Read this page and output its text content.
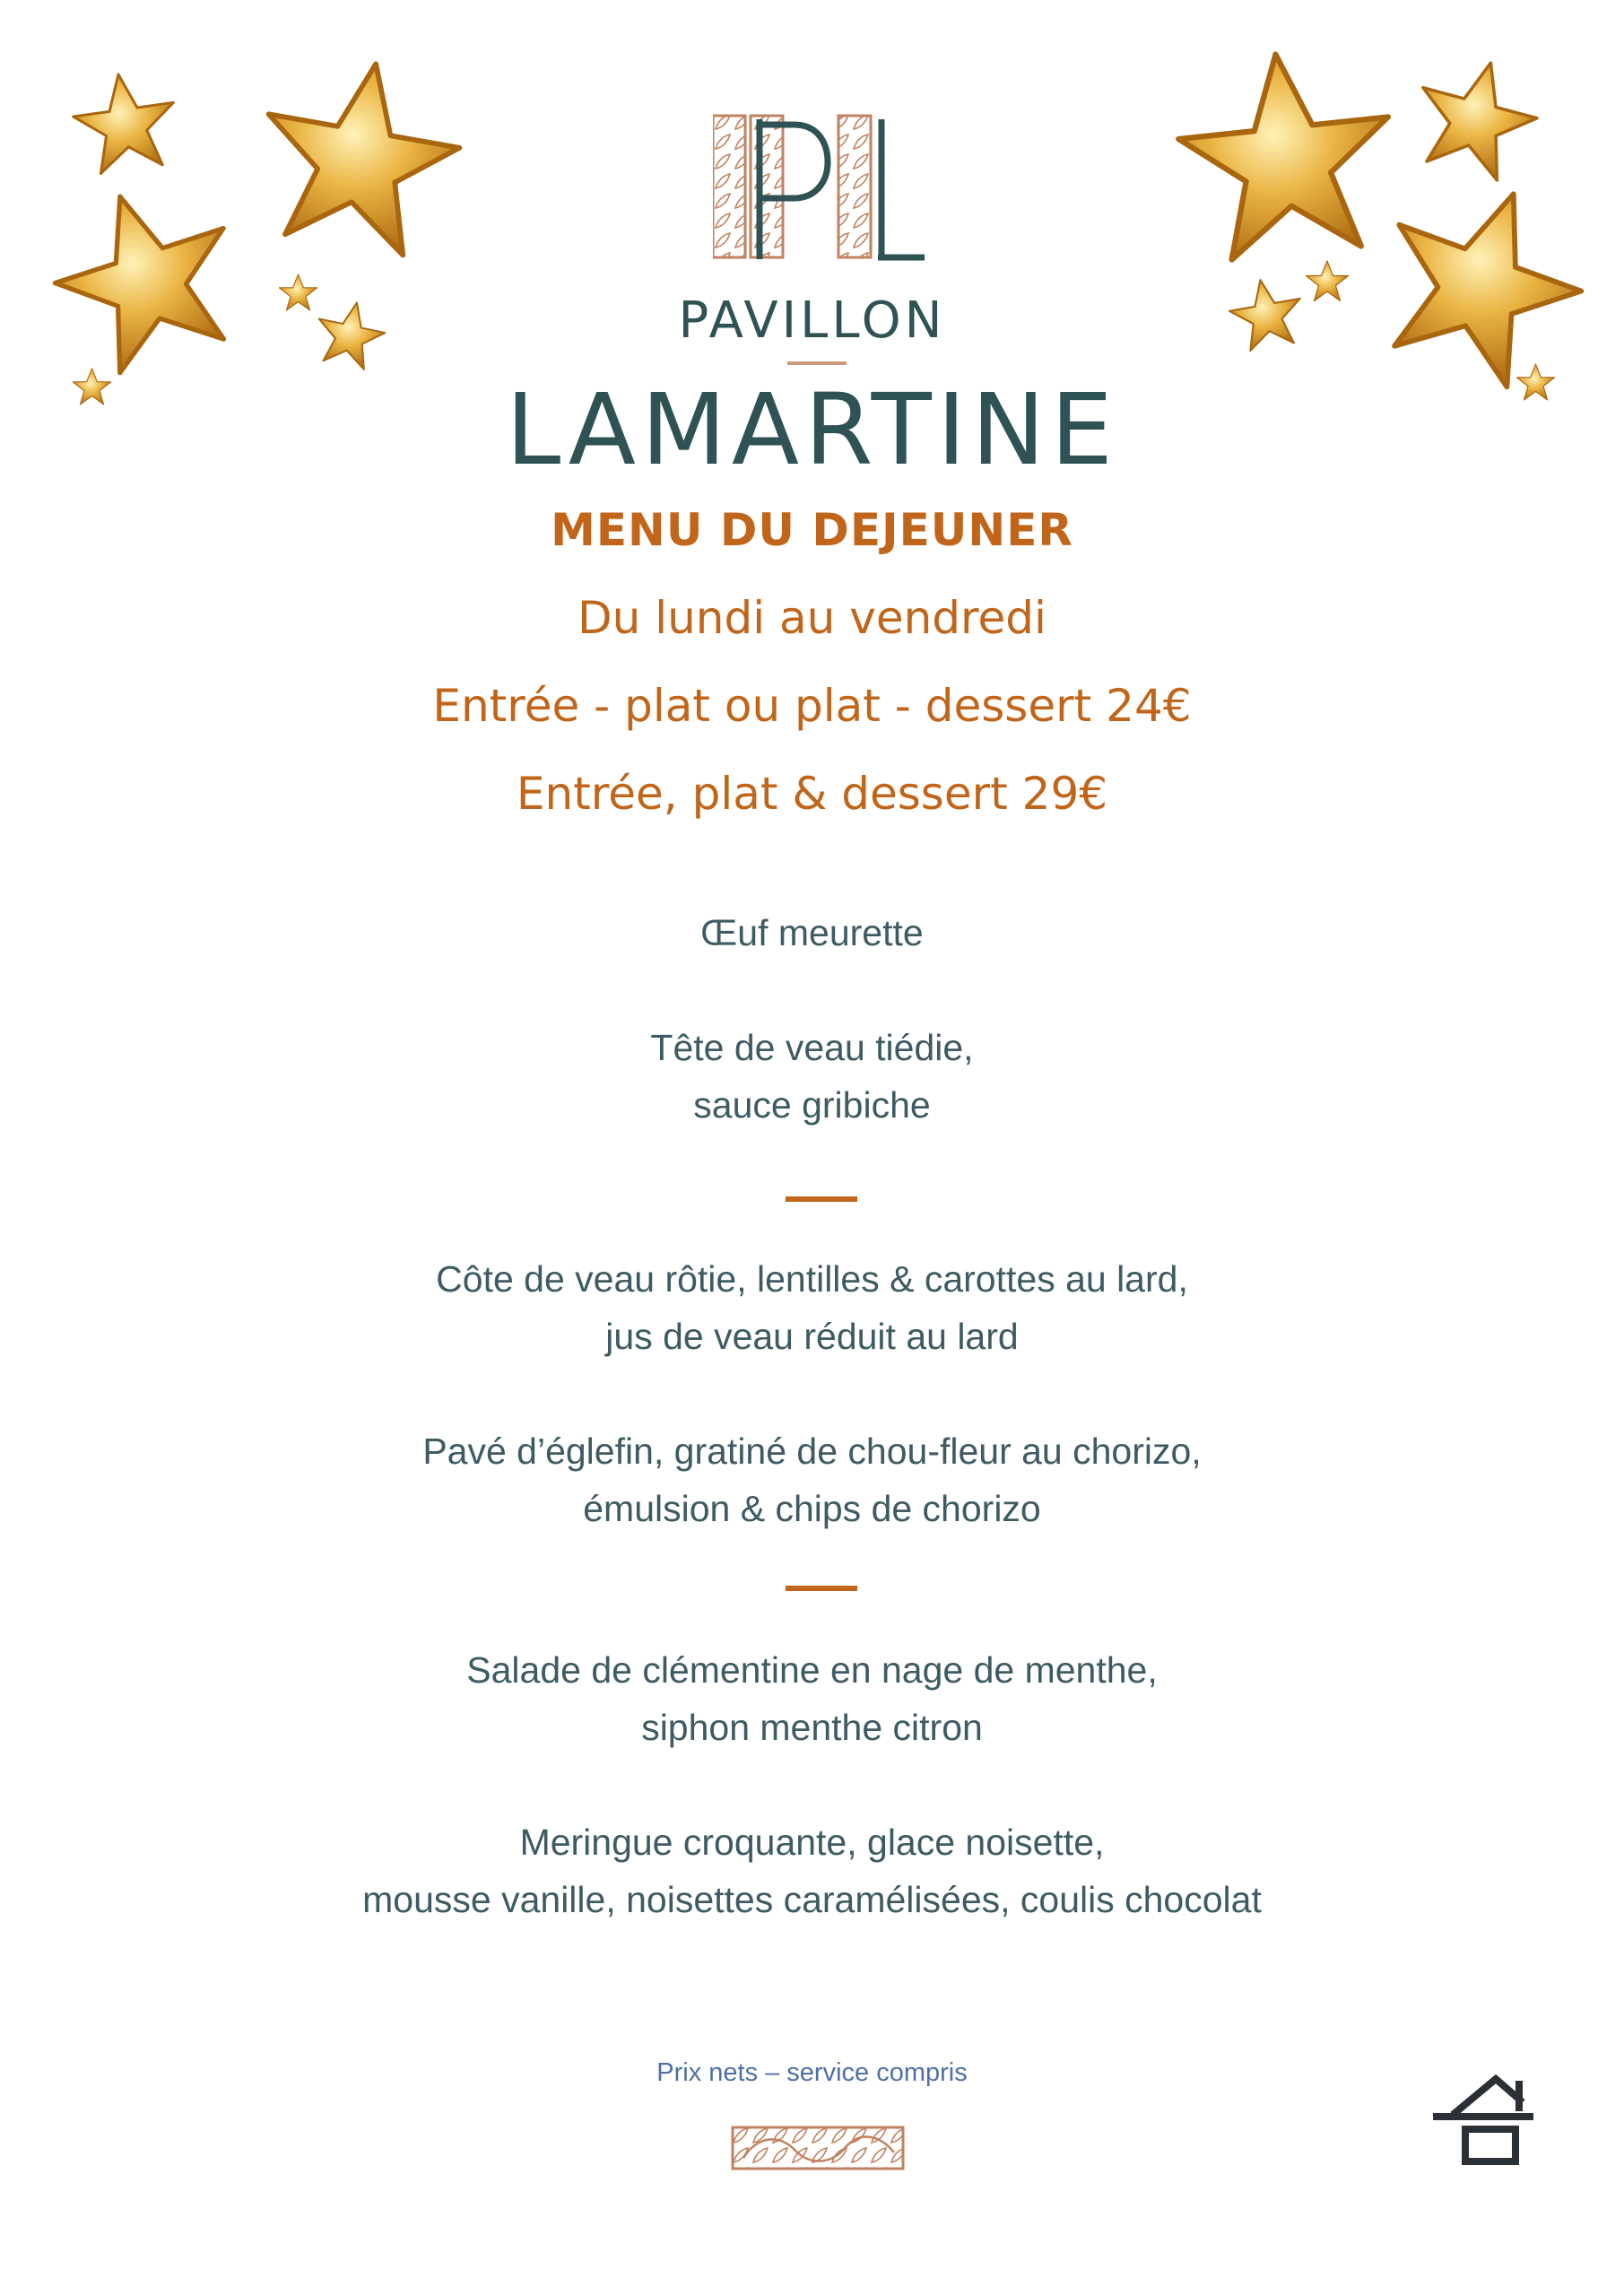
PAVILLON
LAMARTINE
MENU DU DEJEUNER
Du lundi au vendredi
Entrée - plat ou plat - dessert 24€
Entrée, plat & dessert 29€
Œuf meurette
Tête de veau tiédie,
sauce gribiche
Côte de veau rôtie, lentilles & carottes au lard,
jus de veau réduit au lard
Pavé d’églefin, gratiné de chou-fleur au chorizo,
émulsion & chips de chorizo
Salade de clémentine en nage de menthe,
siphon menthe citron
Meringue croquante, glace noisette,
mousse vanille, noisettes caramélisées, coulis chocolat
Prix nets – service compris
